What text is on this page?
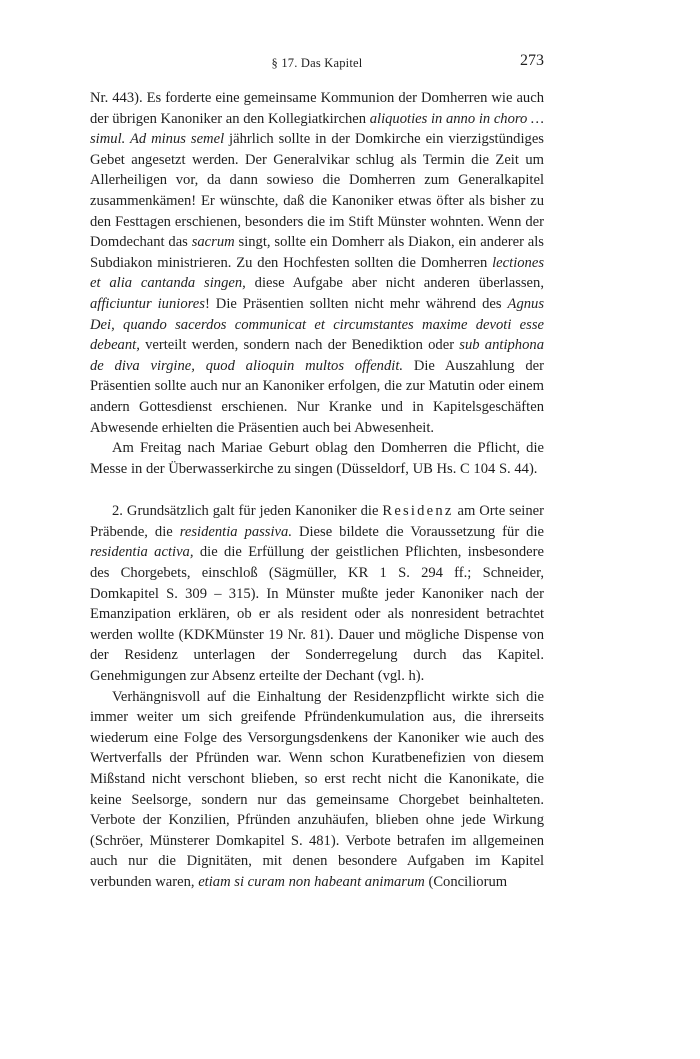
§ 17. Das Kapitel	273

Nr. 443). Es forderte eine gemeinsame Kommunion der Domherren wie auch der übrigen Kanoniker an den Kollegiatkirchen aliquoties in anno in choro … simul. Ad minus semel jährlich sollte in der Domkirche ein vierzigstündiges Gebet angesetzt werden. Der Generalvikar schlug als Termin die Zeit um Allerheiligen vor, da dann sowieso die Domherren zum Generalkapitel zusammenkämen! Er wünschte, daß die Kanoniker etwas öfter als bisher zu den Festtagen erschienen, besonders die im Stift Münster wohnten. Wenn der Domdechant das sacrum singt, sollte ein Domherr als Diakon, ein anderer als Subdiakon ministrieren. Zu den Hochfesten sollten die Domherren lectiones et alia cantanda singen, diese Aufgabe aber nicht anderen überlassen, afficiuntur iuniores! Die Präsentien sollten nicht mehr während des Agnus Dei, quando sacerdos communicat et circumstantes maxime devoti esse debeant, verteilt werden, sondern nach der Benediktion oder sub antiphona de diva virgine, quod alioquin multos offendit. Die Auszahlung der Präsentien sollte auch nur an Kanoniker erfolgen, die zur Matutin oder einem andern Gottesdienst erschienen. Nur Kranke und in Kapitelsgeschäften Abwesende erhielten die Präsentien auch bei Abwesenheit.

Am Freitag nach Mariae Geburt oblag den Domherren die Pflicht, die Messe in der Überwasserkirche zu singen (Düsseldorf, UB Hs. C 104 S. 44).

2. Grundsätzlich galt für jeden Kanoniker die Residenz am Orte seiner Präbende, die residentia passiva. Diese bildete die Voraussetzung für die residentia activa, die die Erfüllung der geistlichen Pflichten, insbesondere des Chorgebets, einschloß (Sägmüller, KR 1 S. 294 ff.; Schneider, Domkapitel S. 309 – 315). In Münster mußte jeder Kanoniker nach der Emanzipation erklären, ob er als resident oder als nonresident betrachtet werden wollte (KDKMünster 19 Nr. 81). Dauer und mögliche Dispense von der Residenz unterlagen der Sonderregelung durch das Kapitel. Genehmigungen zur Absenz erteilte der Dechant (vgl. h).

Verhängnisvoll auf die Einhaltung der Residenzpflicht wirkte sich die immer weiter um sich greifende Pfründenkumulation aus, die ihrerseits wiederum eine Folge des Versorgungsdenkens der Kanoniker wie auch des Wertverfalls der Pfründen war. Wenn schon Kuratbenefizien von diesem Mißstand nicht verschont blieben, so erst recht nicht die Kanonikate, die keine Seelsorge, sondern nur das gemeinsame Chorgebet beinhalteten. Verbote der Konzilien, Pfründen anzuhäufen, blieben ohne jede Wirkung (Schröer, Münsterer Domkapitel S. 481). Verbote betrafen im allgemeinen auch nur die Dignitäten, mit denen besondere Aufgaben im Kapitel verbunden waren, etiam si curam non habeant animarum (Conciliorum
